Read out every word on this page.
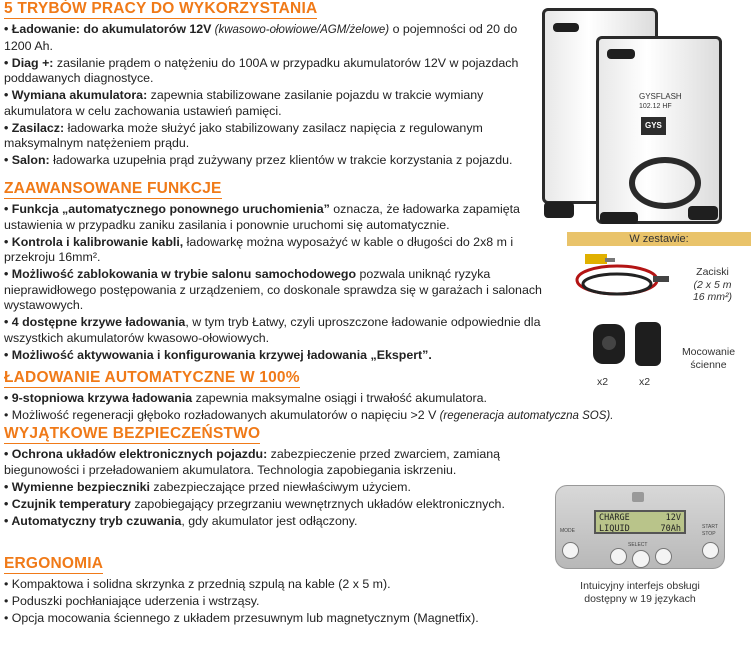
5 TRYBÓW PRACY DO WYKORZYSTANIA
• Ładowanie: do akumulatorów 12V (kwasowo-ołowiowe/AGM/żelowe) o pojemności od 20 do 1200 Ah.
• Diag +: zasilanie prądem o natężeniu do 100A w przypadku akumulatorów 12V w pojazdach poddawanych diagnostyce.
• Wymiana akumulatora: zapewnia stabilizowane zasilanie pojazdu w trakcie wymiany akumulatora w celu zachowania ustawień pamięci.
• Zasilacz: ładowarka może służyć jako stabilizowany zasilacz napięcia z regulowanym maksymalnym natężeniem prądu.
• Salon: ładowarka uzupełnia prąd zużywany przez klientów w trakcie korzystania z pojazdu.
ZAAWANSOWANE FUNKCJE
• Funkcja „automatycznego ponownego uruchomienia” oznacza, że ładowarka zapamięta ustawienia w przypadku zaniku zasilania i ponownie uruchomi się automatycznie.
• Kontrola i kalibrowanie kabli, ładowarkę można wyposażyć w kable o długości do 2x8 m i przekroju 16mm².
• Możliwość zablokowania w trybie salonu samochodowego pozwala uniknąć ryzyka nieprawidłowego postępowania z urządzeniem, co doskonale sprawdza się w garażach i salonach wystawowych.
• 4 dostępne krzywe ładowania, w tym tryb Łatwy, czyli uproszczone ładowanie odpowiednie dla wszystkich akumulatorów kwasowo-ołowiowych.
• Możliwość aktywowania i konfigurowania krzywej ładowania „Ekspert”.
ŁADOWANIE AUTOMATYCZNE W 100%
• 9-stopniowa krzywa ładowania zapewnia maksymalne osiągi i trwałość akumulatora.
• Możliwość regeneracji głęboko rozładowanych akumulatorów o napięciu >2 V (regeneracja automatyczna SOS).
WYJĄTKOWE BEZPIECZEŃSTWO
• Ochrona układów elektronicznych pojazdu: zabezpieczenie przed zwarciem, zamianą biegunowości i przeładowaniem akumulatora. Technologia zapobiegania iskrzeniu.
• Wymienne bezpieczniki zabezpieczające przed niewłaściwym użyciem.
• Czujnik temperatury zapobiegający przegrzaniu wewnętrznych układów elektronicznych.
• Automatyczny tryb czuwania, gdy akumulator jest odłączony.
ERGONOMIA
• Kompaktowa i solidna skrzynka z przednią szpulą na kable (2 x 5 m).
• Poduszki pochłaniające uderzenia i wstrząsy.
• Opcja mocowania ściennego z układem przesuwnym lub magnetycznym (Magnetfix).
GYSFLASH
102.12 HF
GYS
W zestawie:
Zaciski
(2 x 5 m
16 mm²)
x2	x2
Mocowanie
ścienne
CHARGE	12V
LIQUID	70Ah
MODE
SELECT
START
STOP
Intuicyjny interfejs obsługi
dostępny w 19 językach
